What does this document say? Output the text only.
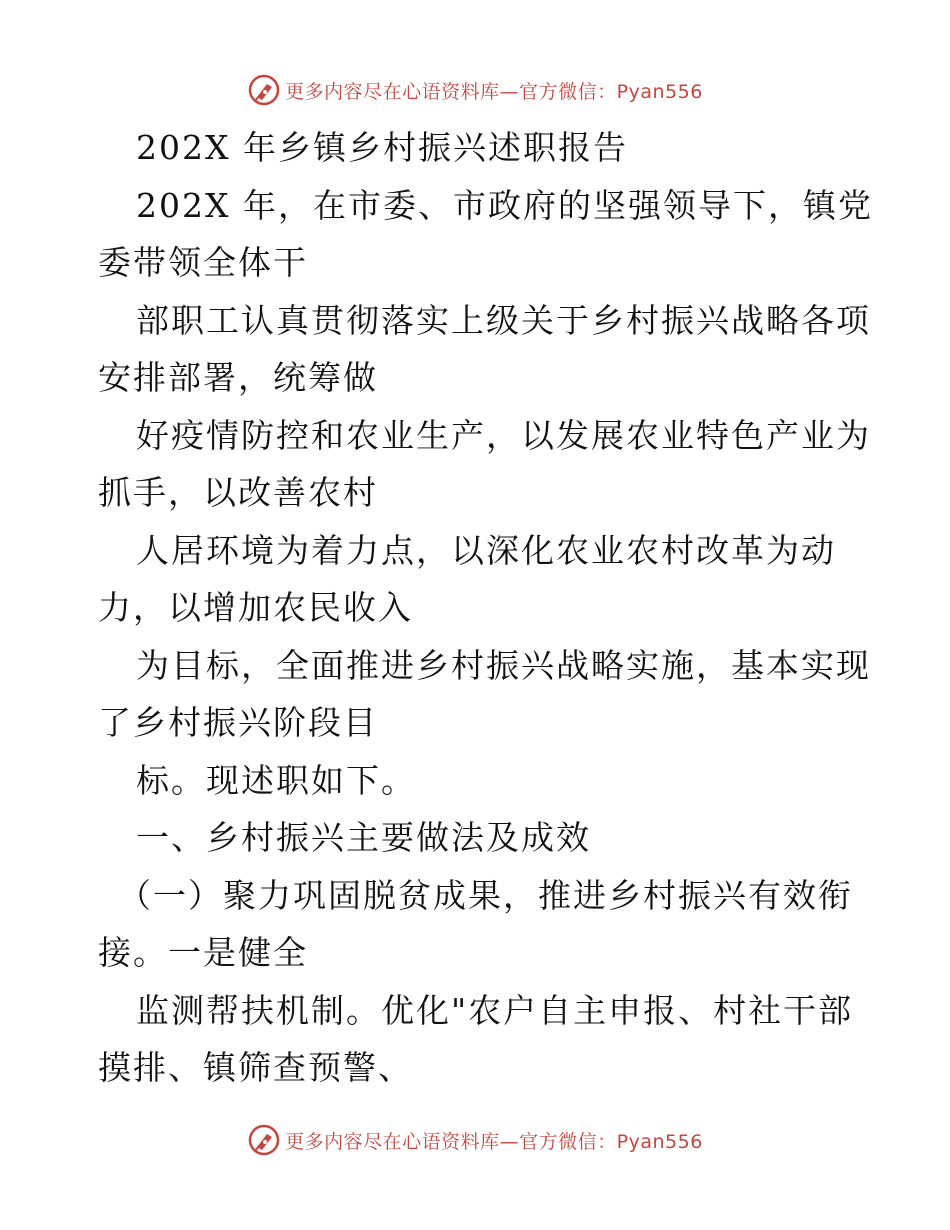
更多内容尽在心语资料库—官方微信：Pyan556
202X 年乡镇乡村振兴述职报告
202X 年，在市委、市政府的坚强领导下，镇党
委带领全体干
部职工认真贯彻落实上级关于乡村振兴战略各项
安排部署，统筹做
好疫情防控和农业生产，以发展农业特色产业为
抓手，以改善农村
人居环境为着力点，以深化农业农村改革为动
力，以增加农民收入
为目标，全面推进乡村振兴战略实施，基本实现
了乡村振兴阶段目
标。现述职如下。
一、乡村振兴主要做法及成效
（一）聚力巩固脱贫成果，推进乡村振兴有效衔
接。一是健全
监测帮扶机制。优化"农户自主申报、村社干部
摸排、镇筛查预警、
更多内容尽在心语资料库—官方微信：Pyan556
